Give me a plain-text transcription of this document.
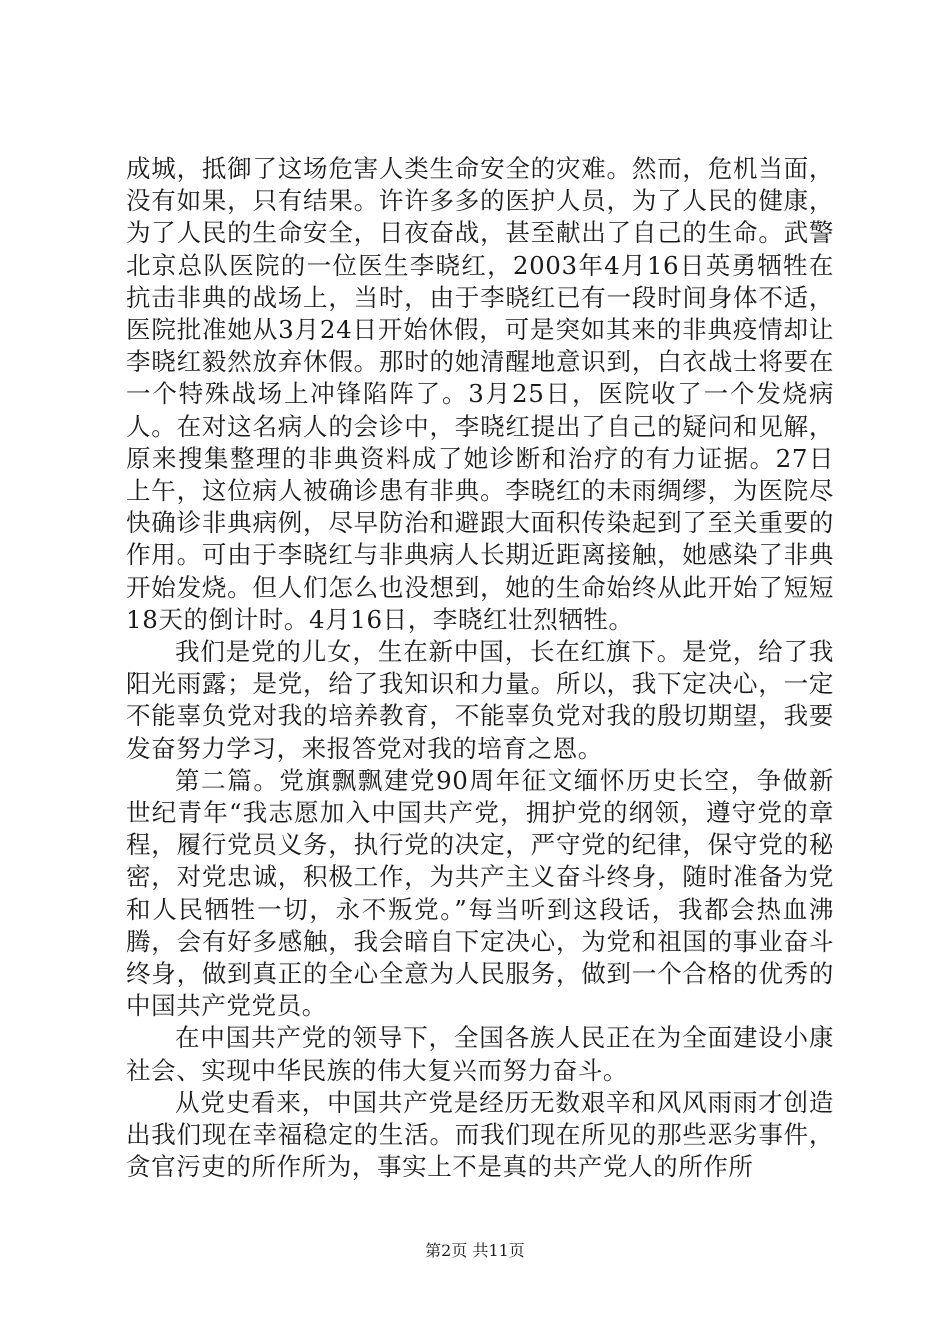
成城，抵御了这场危害人类生命安全的灾难。然而，危机当面，没有如果，只有结果。许许多多的医护人员，为了人民的健康，为了人民的生命安全，日夜奋战，甚至献出了自己的生命。武警北京总队医院的一位医生李晓红，2003年4月16日英勇牺牲在抗击非典的战场上，当时，由于李晓红已有一段时间身体不适，医院批准她从3月24日开始休假，可是突如其来的非典疫情却让李晓红毅然放弃休假。那时的她清醒地意识到，白衣战士将要在一个特殊战场上冲锋陷阵了。3月25日，医院收了一个发烧病人。在对这名病人的会诊中，李晓红提出了自己的疑问和见解，原来搜集整理的非典资料成了她诊断和治疗的有力证据。27日上午，这位病人被确诊患有非典。李晓红的未雨绸缪，为医院尽快确诊非典病例，尽早防治和避跟大面积传染起到了至关重要的作用。可由于李晓红与非典病人长期近距离接触，她感染了非典开始发烧。但人们怎么也没想到，她的生命始终从此开始了短短18天的倒计时。4月16日，李晓红壮烈牺牲。

我们是党的儿女，生在新中国，长在红旗下。是党，给了我阳光雨露；是党，给了我知识和力量。所以，我下定决心，一定不能辜负党对我的培养教育，不能辜负党对我的殷切期望，我要发奋努力学习，来报答党对我的培育之恩。

第二篇。党旗飘飘建党90周年征文缅怀历史长空，争做新世纪青年“我志愿加入中国共产党，拥护党的纲领，遵守党的章程，履行党员义务，执行党的决定，严守党的纪律，保守党的秘密，对党忠诚，积极工作，为共产主义奋斗终身，随时准备为党和人民牺牲一切，永不叛党。”每当听到这段话，我都会热血沸腾，会有好多感触，我会暗自下定决心，为党和祖国的事业奋斗终身，做到真正的全心全意为人民服务，做到一个合格的优秀的中国共产党党员。

在中国共产党的领导下，全国各族人民正在为全面建设小康社会、实现中华民族的伟大复兴而努力奋斗。

从党史看来，中国共产党是经历无数艰辛和风风雨雨才创造出我们现在幸福稳定的生活。而我们现在所见的那些恶劣事件，贪官污吏的所作所为，事实上不是真的共产党人的所作所

第2页 共11页
